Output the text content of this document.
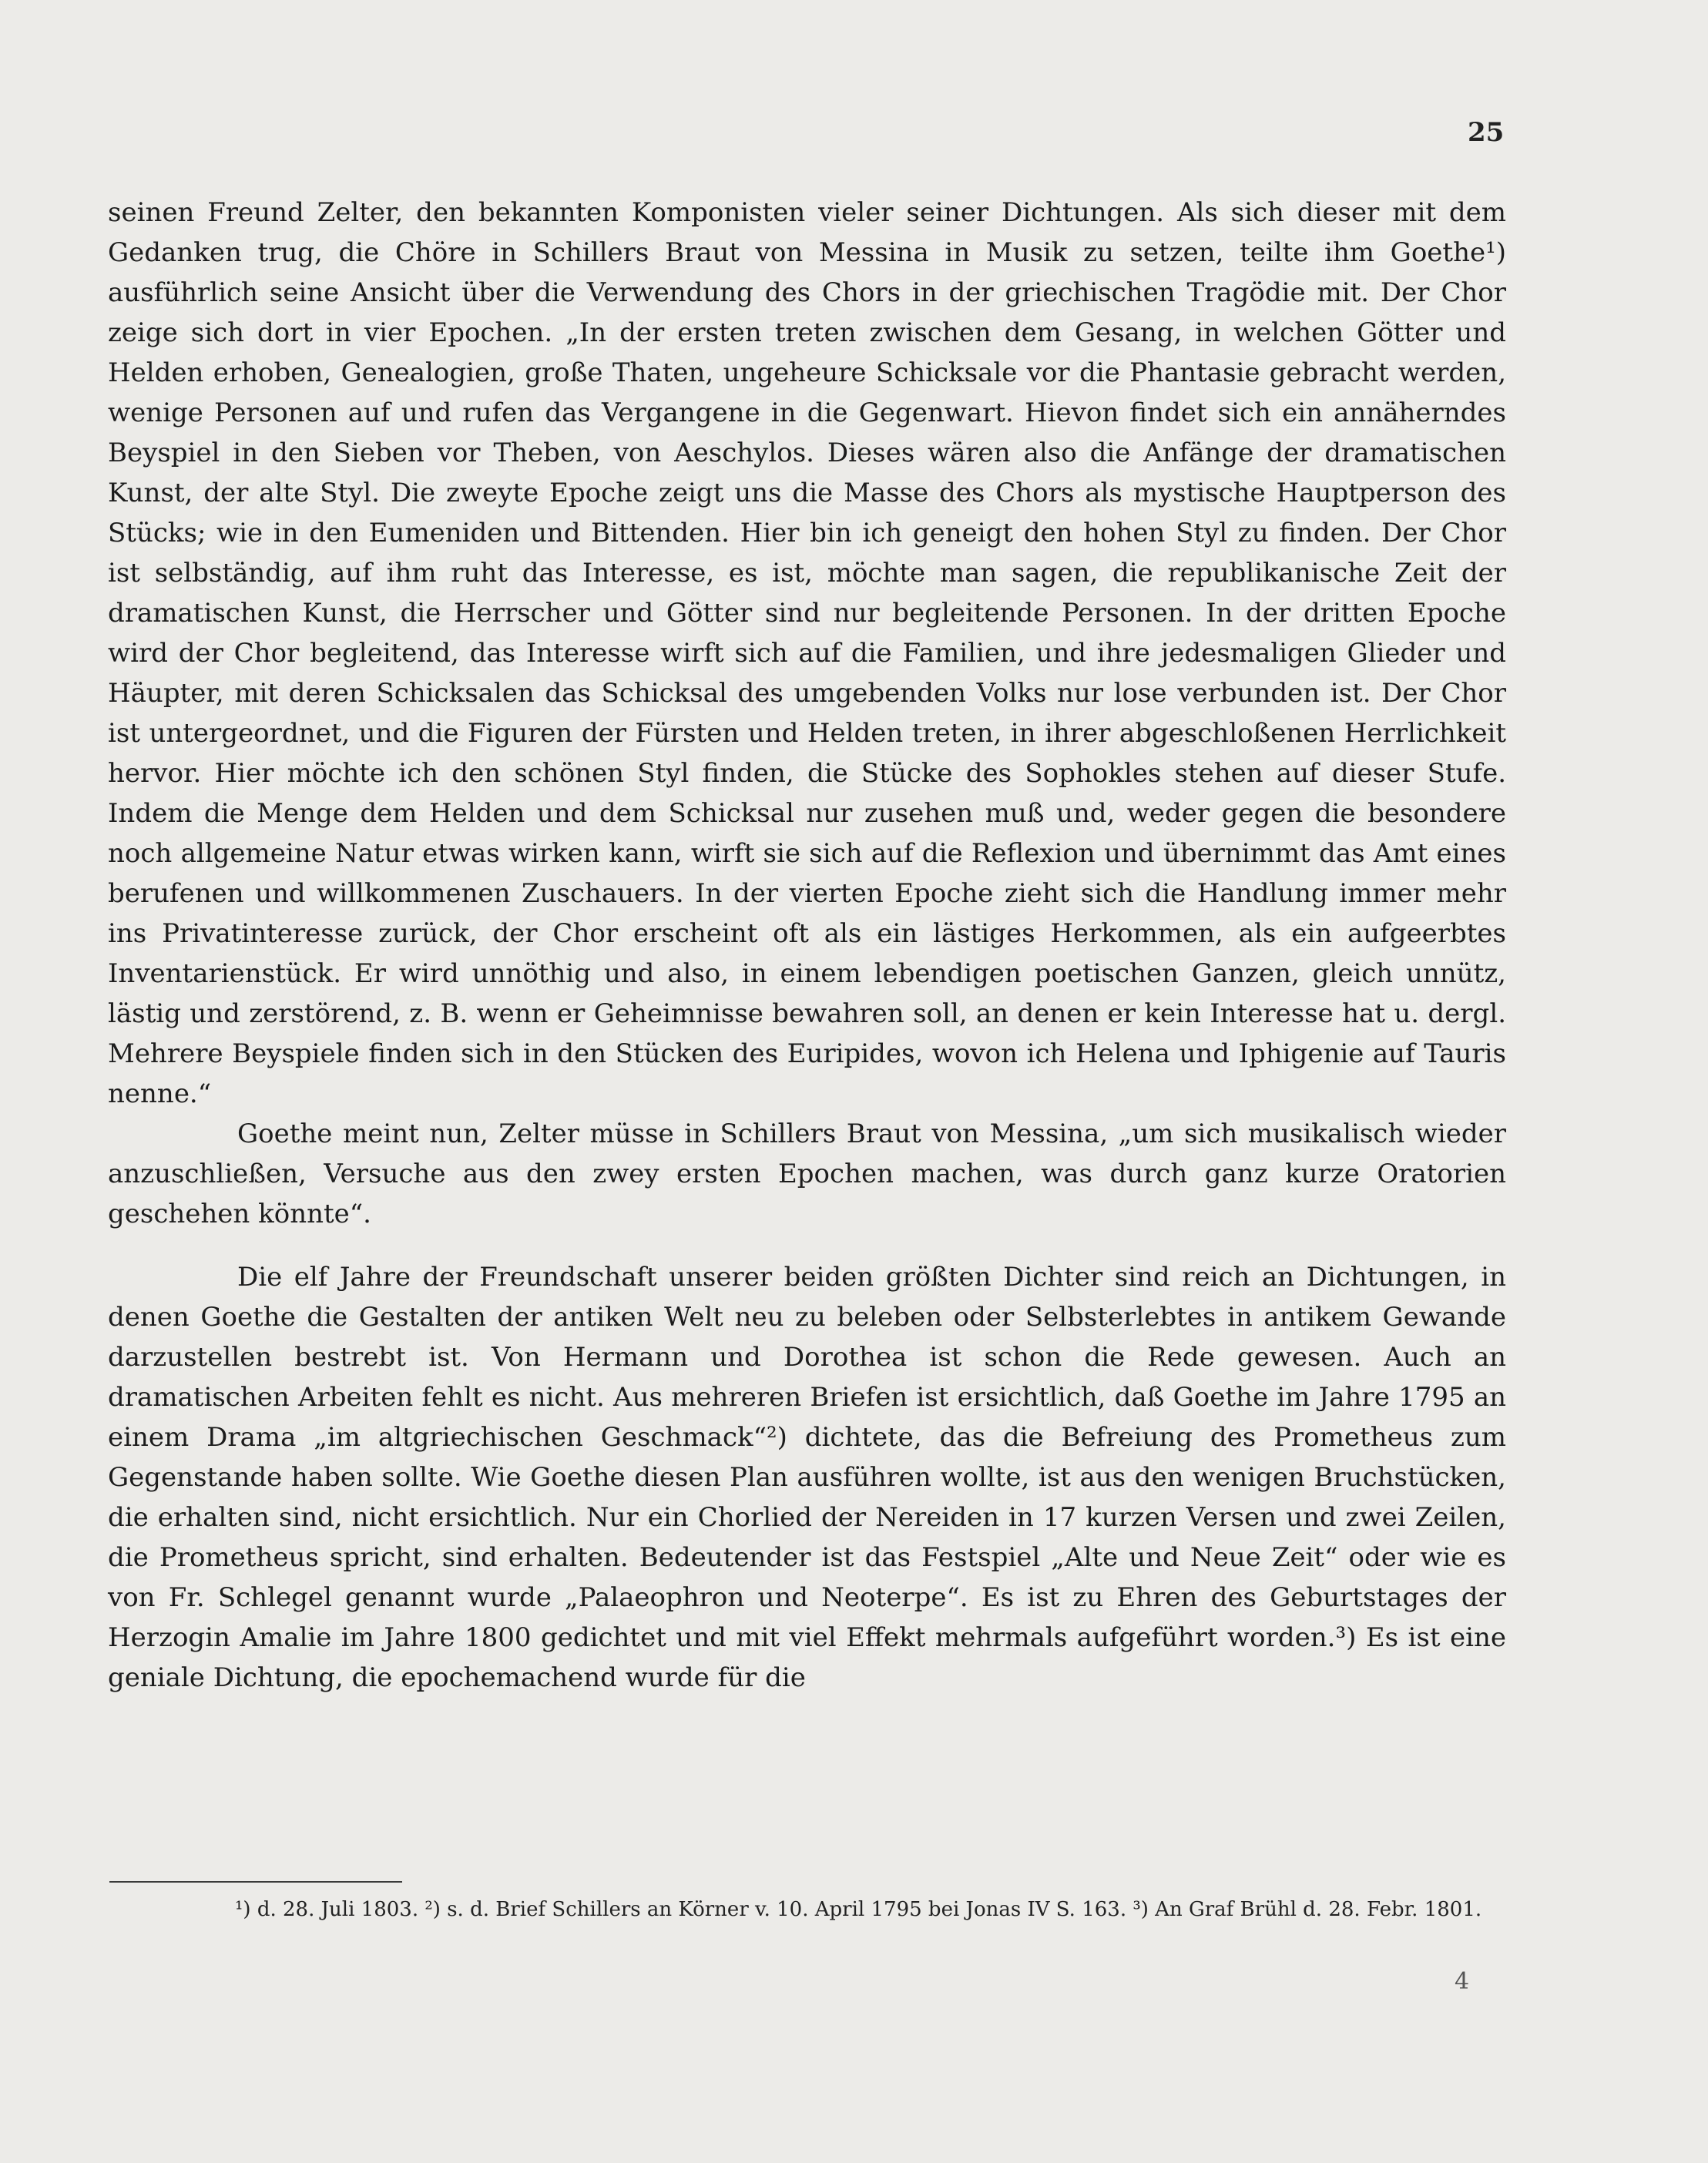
25

seinen Freund Zelter, den bekannten Komponisten vieler seiner Dichtungen. Als sich dieser mit dem Gedanken trug, die Chöre in Schillers Braut von Messina in Musik zu setzen, teilte ihm Goethe¹) ausführlich seine Ansicht über die Verwendung des Chors in der griechischen Tragödie mit. Der Chor zeige sich dort in vier Epochen. „In der ersten treten zwischen dem Gesang, in welchen Götter und Helden erhoben, Genealogien, große Thaten, ungeheure Schicksale vor die Phantasie gebracht werden, wenige Personen auf und rufen das Vergangene in die Gegenwart. Hievon findet sich ein annäherndes Beyspiel in den Sieben vor Theben, von Aeschylos. Dieses wären also die Anfänge der dramatischen Kunst, der alte Styl. Die zweyte Epoche zeigt uns die Masse des Chors als mystische Hauptperson des Stücks; wie in den Eumeniden und Bittenden. Hier bin ich geneigt den hohen Styl zu finden. Der Chor ist selbständig, auf ihm ruht das Interesse, es ist, möchte man sagen, die republikanische Zeit der dramatischen Kunst, die Herrscher und Götter sind nur begleitende Personen. In der dritten Epoche wird der Chor begleitend, das Interesse wirft sich auf die Familien, und ihre jedesmaligen Glieder und Häupter, mit deren Schicksalen das Schicksal des umgebenden Volks nur lose verbunden ist. Der Chor ist untergeordnet, und die Figuren der Fürsten und Helden treten, in ihrer abgeschloßenen Herrlichkeit hervor. Hier möchte ich den schönen Styl finden, die Stücke des Sophokles stehen auf dieser Stufe. Indem die Menge dem Helden und dem Schicksal nur zusehen muß und, weder gegen die besondere noch allgemeine Natur etwas wirken kann, wirft sie sich auf die Reflexion und übernimmt das Amt eines berufenen und willkommenen Zuschauers. In der vierten Epoche zieht sich die Handlung immer mehr ins Privatinteresse zurück, der Chor erscheint oft als ein lästiges Herkommen, als ein aufgeerbtes Inventarienstück. Er wird unnöthig und also, in einem lebendigen poetischen Ganzen, gleich unnütz, lästig und zerstörend, z. B. wenn er Geheimnisse bewahren soll, an denen er kein Interesse hat u. dergl. Mehrere Beyspiele finden sich in den Stücken des Euripides, wovon ich Helena und Iphigenie auf Tauris nenne.“

Goethe meint nun, Zelter müsse in Schillers Braut von Messina, „um sich musikalisch wieder anzuschließen, Versuche aus den zwey ersten Epochen machen, was durch ganz kurze Oratorien geschehen könnte“.

Die elf Jahre der Freundschaft unserer beiden größten Dichter sind reich an Dichtungen, in denen Goethe die Gestalten der antiken Welt neu zu beleben oder Selbsterlebtes in antikem Gewande darzustellen bestrebt ist. Von Hermann und Dorothea ist schon die Rede gewesen. Auch an dramatischen Arbeiten fehlt es nicht. Aus mehreren Briefen ist ersichtlich, daß Goethe im Jahre 1795 an einem Drama „im altgriechischen Geschmack“²) dichtete, das die Befreiung des Prometheus zum Gegenstande haben sollte. Wie Goethe diesen Plan ausführen wollte, ist aus den wenigen Bruchstücken, die erhalten sind, nicht ersichtlich. Nur ein Chorlied der Nereiden in 17 kurzen Versen und zwei Zeilen, die Prometheus spricht, sind erhalten. Bedeutender ist das Festspiel „Alte und Neue Zeit“ oder wie es von Fr. Schlegel genannt wurde „Palaeophron und Neoterpe“. Es ist zu Ehren des Geburtstages der Herzogin Amalie im Jahre 1800 gedichtet und mit viel Effekt mehrmals aufgeführt worden.³) Es ist eine geniale Dichtung, die epochemachend wurde für die

¹) d. 28. Juli 1803. ²) s. d. Brief Schillers an Körner v. 10. April 1795 bei Jonas IV S. 163. ³) An Graf Brühl d. 28. Febr. 1801.

4
